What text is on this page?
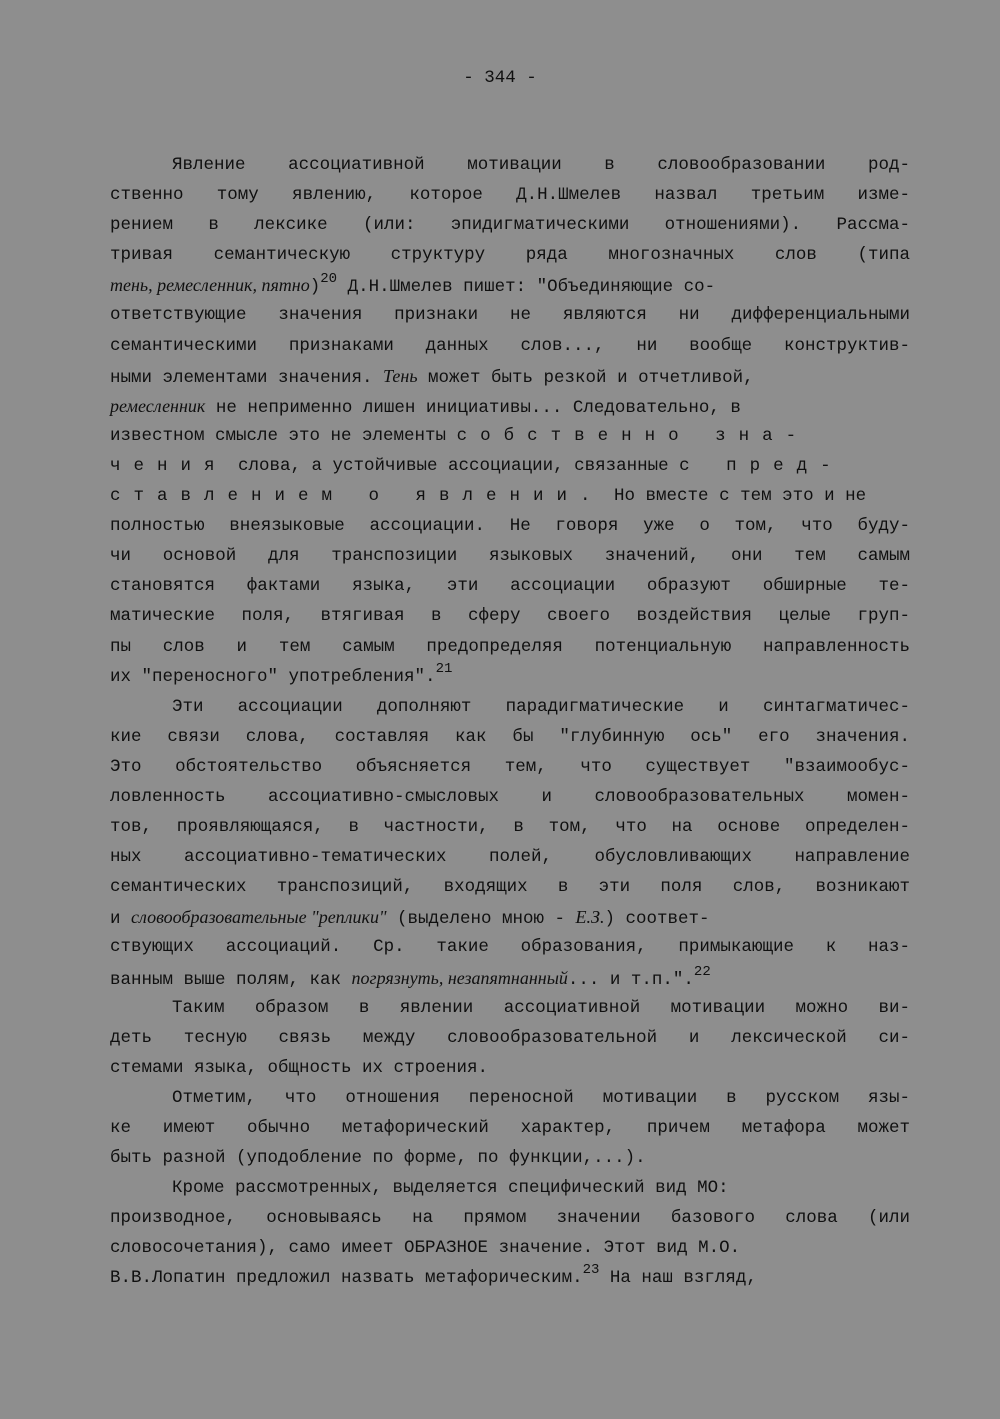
- 344 -
Явление ассоциативной мотивации в словообразовании род-
ственно тому явлению, которое Д.Н.Шмелев назвал третьим изме-
рением в лексике (или: эпидигматическими отношениями). Рассма-
тривая семантическую структуру ряда многозначных слов (типа
тень, ремесленник, пятно)$^{20}$ Д.Н.Шмелев пишет: "Объединяющие со-
ответствующие значения признаки не являются ни дифференциальными
семантическими признаками данных слов..., ни вообще конструктив-
ными элементами значения. Тень может быть резкой и отчетливой,
ремесленник не неприменно лишен инициативы... Следовательно, в
известном смысле это не элементы собственно зна-
чения слова, а устойчивые ассоциации, связанные с пред-
ставлением о явлении. Но вместе с тем это и не
полностью внеязыковые ассоциации. Не говоря уже о том, что буду-
чи основой для транспозиции языковых значений, они тем самым
становятся фактами языка, эти ассоциации образуют обширные те-
матические поля, втягивая в сферу своего воздействия целые груп-
пы слов и тем самым предопределяя потенциальную направленность
их "переносного" употребления".$^{21}$
Эти ассоциации дополняют парадигматические и синтагматичес-
кие связи слова, составляя как бы "глубинную ось" его значения.
Это обстоятельство объясняется тем, что существует "взаимообус-
ловленность ассоциативно-смысловых и словообразовательных момен-
тов, проявляющаяся, в частности, в том, что на основе определен-
ных ассоциативно-тематических полей, обусловливающих направление
семантических транспозиций, входящих в эти поля слов, возникают
и словообразовательные "реплики" (выделено мною - Е.З.) соответ-
ствующих ассоциаций. Ср. такие образования, примыкающие к наз-
ванным выше полям, как погрязнуть, незапятнанный... и т.п.".$^{22}$
Таким образом в явлении ассоциативной мотивации можно ви-
деть тесную связь между словообразовательной и лексической си-
стемами языка, общность их строения.
Отметим, что отношения переносной мотивации в русском язы-
ке имеют обычно метафорический характер, причем метафора может
быть разной (уподобление по форме, по функции,...).
Кроме рассмотренных, выделяется специфический вид МО:
производное, основываясь на прямом значении базового слова (или
словосочетания), само имеет ОБРАЗНОЕ значение. Этот вид М.О.
В.В.Лопатин предложил назвать метафорическим.$^{23}$ На наш взгляд,
